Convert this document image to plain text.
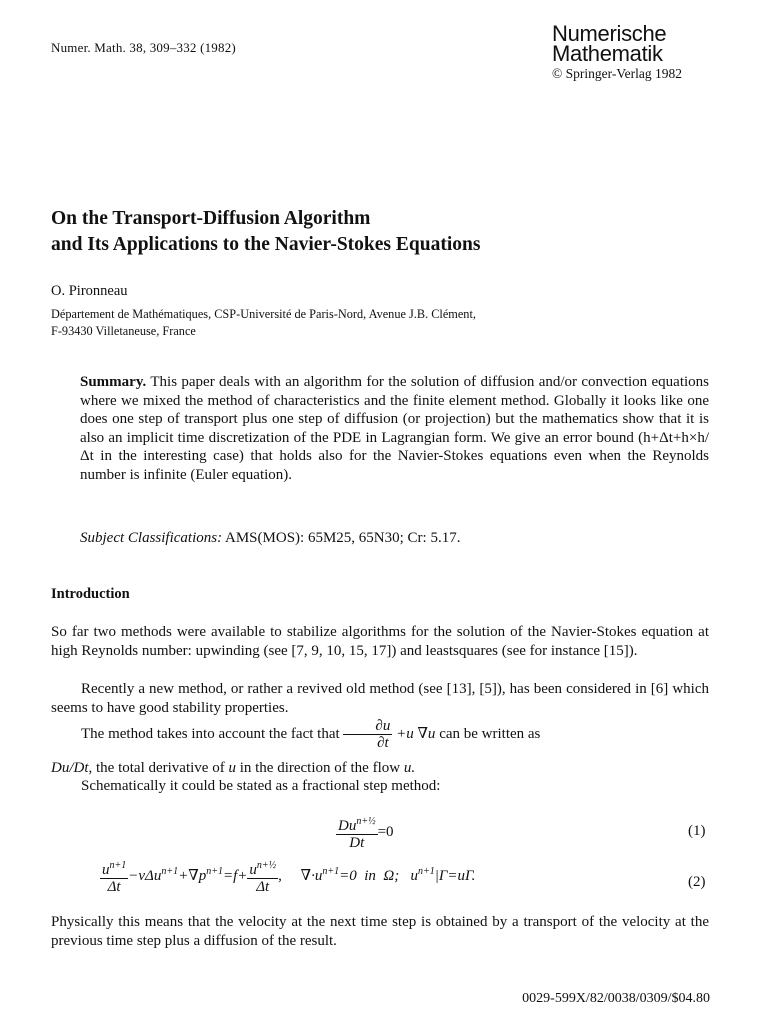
Numer. Math. 38, 309–332 (1982)
Numerische
Mathematik
© Springer-Verlag 1982
On the Transport-Diffusion Algorithm
and Its Applications to the Navier-Stokes Equations
O. Pironneau
Département de Mathématiques, CSP-Université de Paris-Nord, Avenue J.B. Clément,
F-93430 Villetaneuse, France
Summary. This paper deals with an algorithm for the solution of diffusion and/or convection equations where we mixed the method of characteristics and the finite element method. Globally it looks like one does one step of transport plus one step of diffusion (or projection) but the mathematics show that it is also an implicit time discretization of the PDE in Lagrangian form. We give an error bound (h+Δt+h×h/Δt in the interesting case) that holds also for the Navier-Stokes equations even when the Reynolds number is infinite (Euler equation).
Subject Classifications: AMS(MOS): 65M25, 65N30; Cr: 5.17.
Introduction
So far two methods were available to stabilize algorithms for the solution of the Navier-Stokes equation at high Reynolds number: upwinding (see [7, 9, 10, 15, 17]) and leastsquares (see for instance [15]).
Recently a new method, or rather a revived old method (see [13], [5]), has been considered in [6] which seems to have good stability properties.
The method takes into account the fact that $\frac{\partial u}{\partial t} +u$ ∇u can be written as
Du/Dt, the total derivative of u in the direction of the flow u.
Schematically it could be stated as a fractional step method:
$\frac{Du^{n+\frac{1}{2}}}{Dt} =0$	(1)
$\frac{u^{n+1}}{\Delta t} -\nu\Delta u^{n+1}+\nabla p^{n+1}=f+ \frac{u^{n+\frac{1}{2}}}{\Delta t}$ ,     $\nabla\cdot u^{n+1}=0$  in  Ω;   $u^{n+1}|\Gamma=u\Gamma$.	(2)
Physically this means that the velocity at the next time step is obtained by a transport of the velocity at the previous time step plus a diffusion of the result.
0029-599X/82/0038/0309/$04.80
